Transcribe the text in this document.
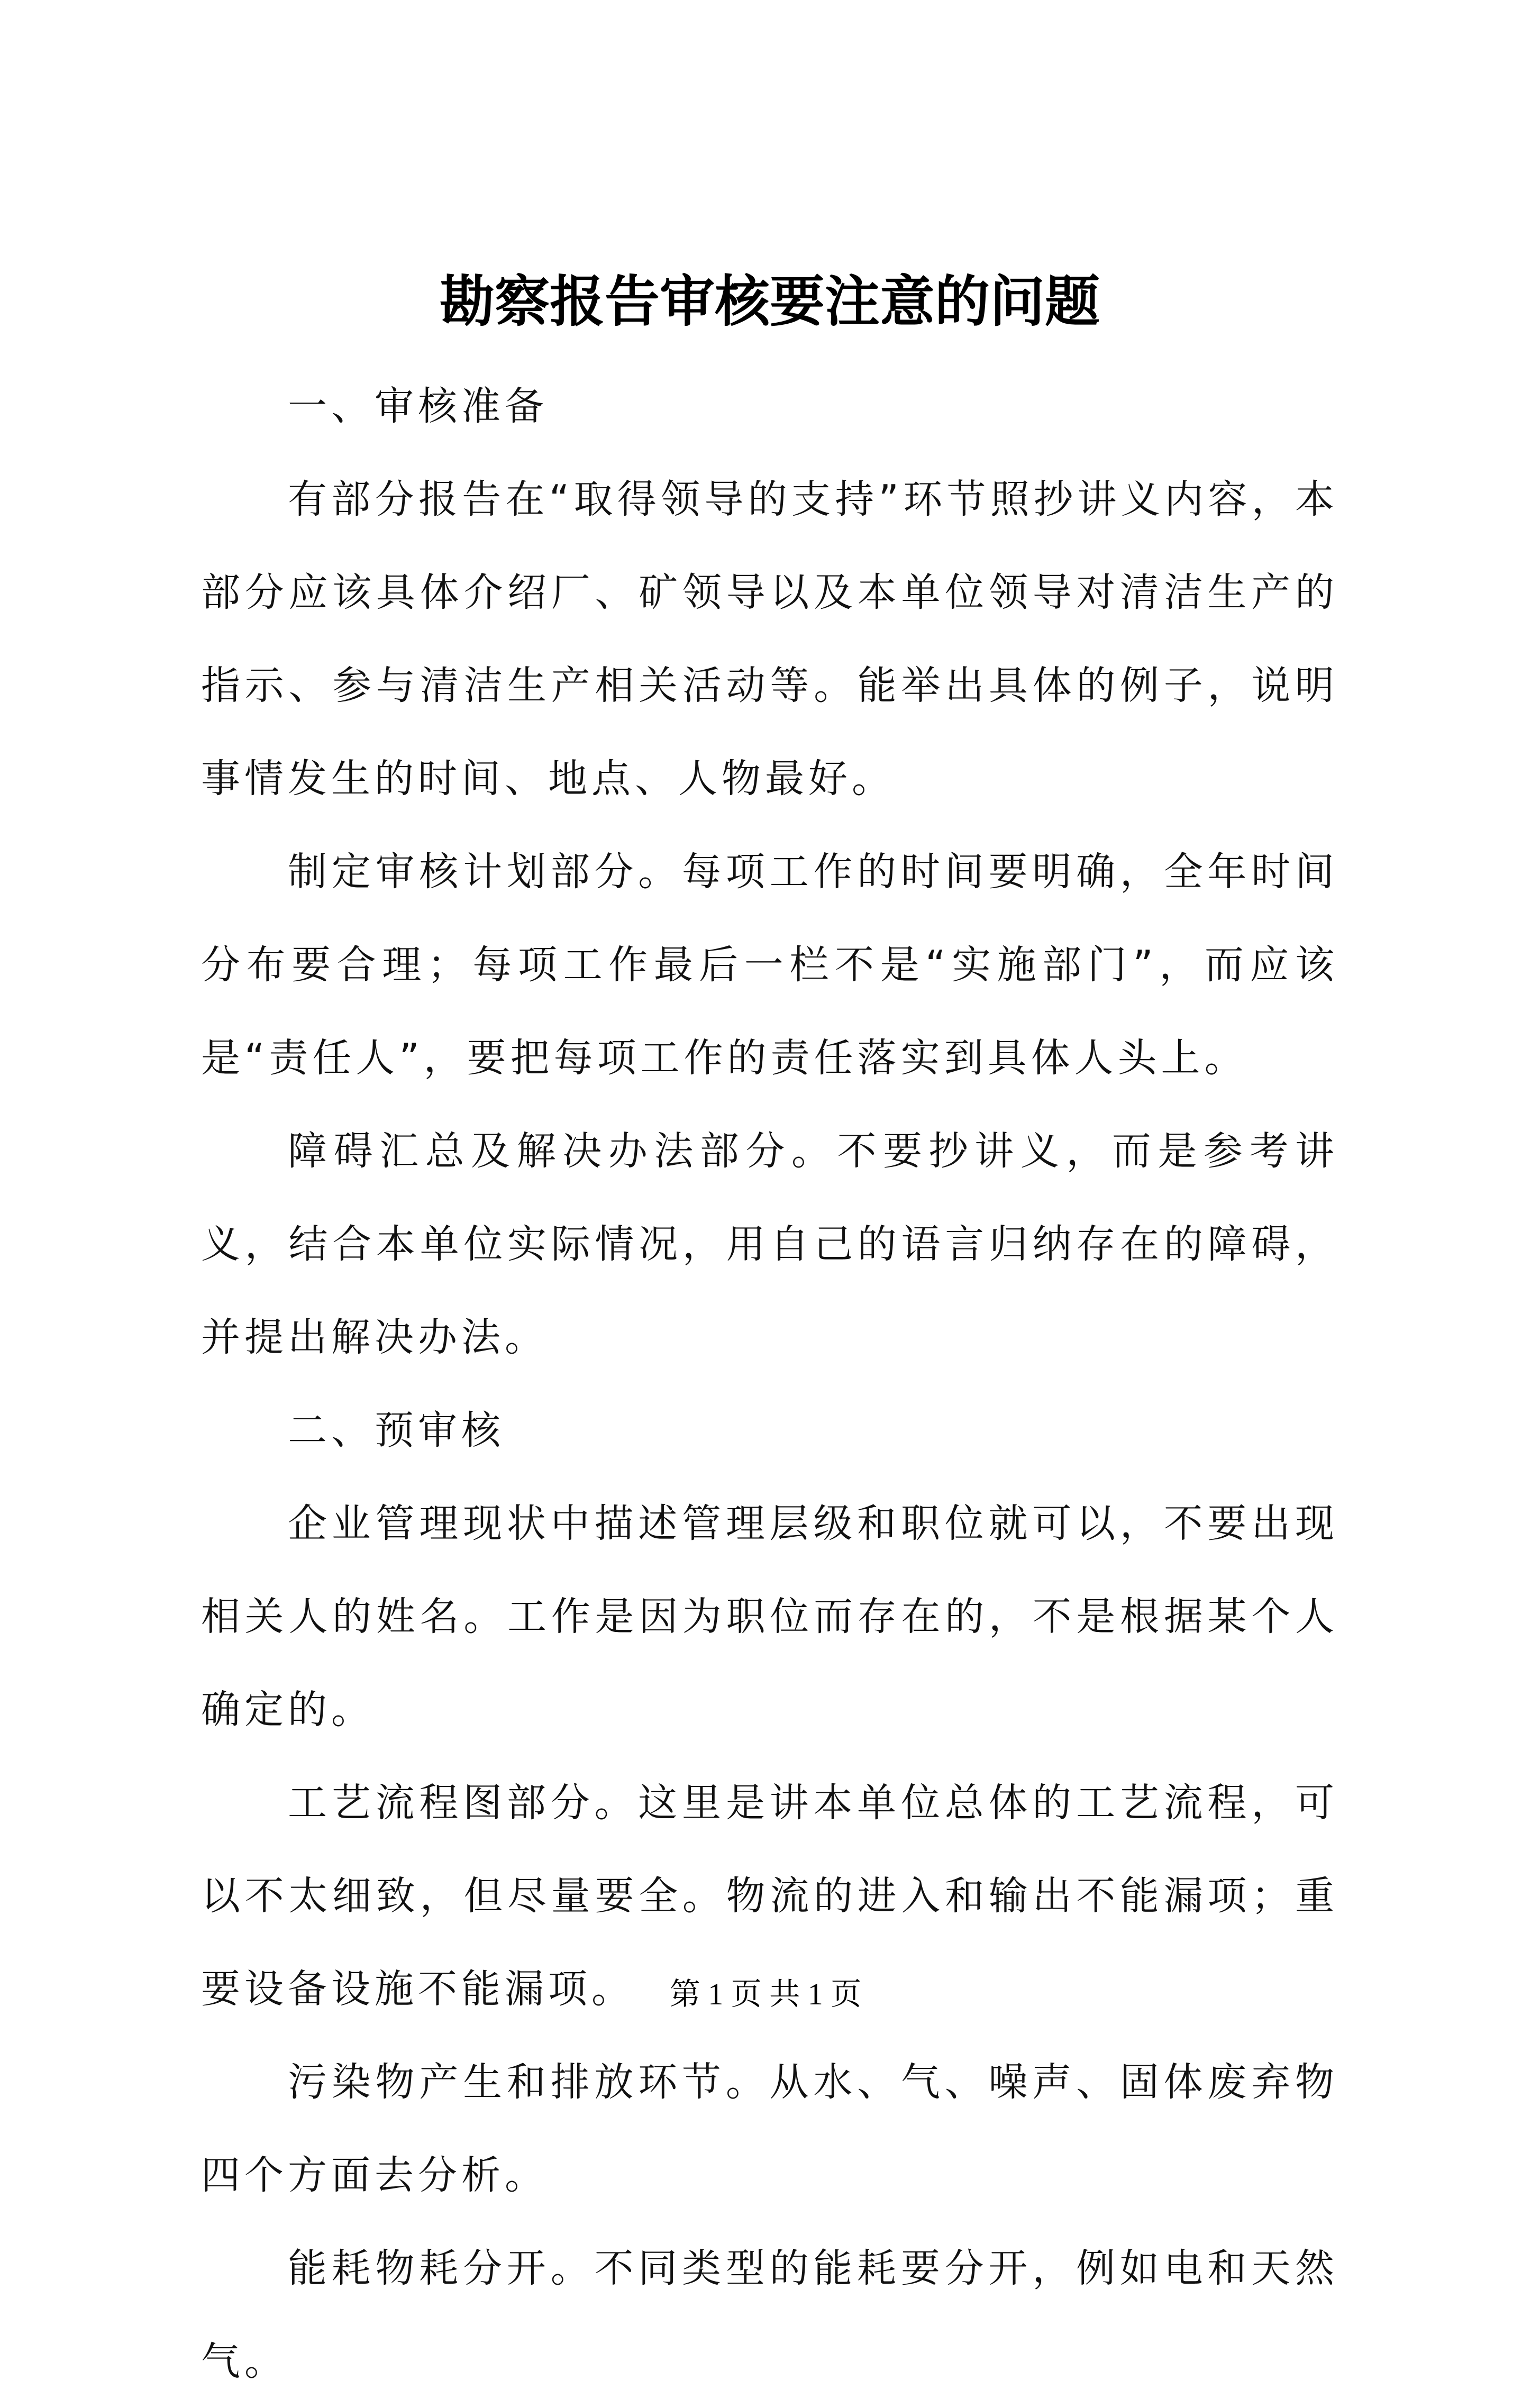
勘察报告审核要注意的问题

一、审核准备

有部分报告在“取得领导的支持”环节照抄讲义内容，本部分应该具体介绍厂、矿领导以及本单位领导对清洁生产的指示、参与清洁生产相关活动等。能举出具体的例子，说明事情发生的时间、地点、人物最好。

制定审核计划部分。每项工作的时间要明确，全年时间分布要合理；每项工作最后一栏不是“实施部门”，而应该是“责任人”，要把每项工作的责任落实到具体人头上。

障碍汇总及解决办法部分。不要抄讲义，而是参考讲义，结合本单位实际情况，用自己的语言归纳存在的障碍，并提出解决办法。

二、预审核

企业管理现状中描述管理层级和职位就可以，不要出现相关人的姓名。工作是因为职位而存在的，不是根据某个人确定的。

工艺流程图部分。这里是讲本单位总体的工艺流程，可以不太细致，但尽量要全。物流的进入和输出不能漏项；重要设备设施不能漏项。

污染物产生和排放环节。从水、气、噪声、固体废弃物四个方面去分析。

能耗物耗分开。不同类型的能耗要分开，例如电和天然气。

第 1 页 共 1 页
